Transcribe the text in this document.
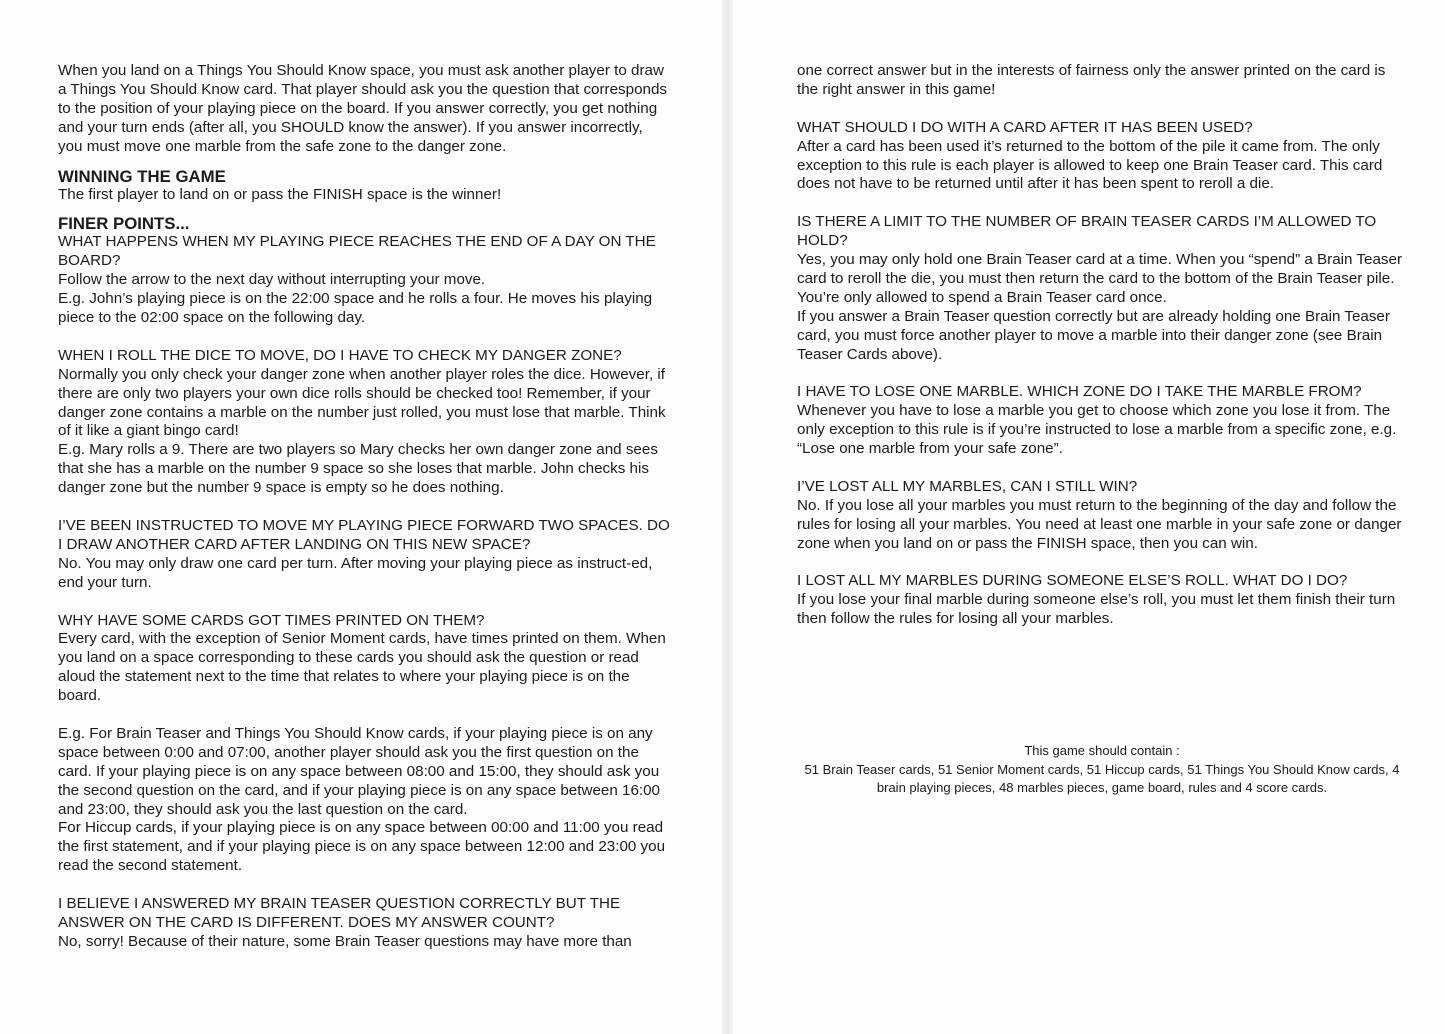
When you land on a Things You Should Know space, you must ask another player to draw a Things You Should Know card. That player should ask you the question that corresponds to the position of your playing piece on the board. If you answer correctly, you get nothing and your turn ends (after all, you SHOULD know the answer). If you answer incorrectly, you must move one marble from the safe zone to the danger zone.

WINNING THE GAME

The first player to land on or pass the FINISH space is the winner!

FINER POINTS...

WHAT HAPPENS WHEN MY PLAYING PIECE REACHES THE END OF A DAY ON THE BOARD?

Follow the arrow to the next day without interrupting your move.

E.g. John’s playing piece is on the 22:00 space and he rolls a four. He moves his playing piece to the 02:00 space on the following day.

WHEN I ROLL THE DICE TO MOVE, DO I HAVE TO CHECK MY DANGER ZONE?

Normally you only check your danger zone when another player roles the dice. However, if there are only two players your own dice rolls should be checked too! Remember, if your danger zone contains a marble on the number just rolled, you must lose that marble. Think of it like a giant bingo card!

E.g. Mary rolls a 9. There are two players so Mary checks her own danger zone and sees that she has a marble on the number 9 space so she loses that marble. John checks his danger zone but the number 9 space is empty so he does nothing.

I’VE BEEN INSTRUCTED TO MOVE MY PLAYING PIECE FORWARD TWO SPACES. DO I DRAW ANOTHER CARD AFTER LANDING ON THIS NEW SPACE?

No. You may only draw one card per turn. After moving your playing piece as instruct-ed, end your turn.

WHY HAVE SOME CARDS GOT TIMES PRINTED ON THEM?

Every card, with the exception of Senior Moment cards, have times printed on them. When you land on a space corresponding to these cards you should ask the question or read aloud the statement next to the time that relates to where your playing piece is on the board.

E.g. For Brain Teaser and Things You Should Know cards, if your playing piece is on any space between 0:00 and 07:00, another player should ask you the first question on the card. If your playing piece is on any space between 08:00 and 15:00, they should ask you the second question on the card, and if your playing piece is on any space between 16:00 and 23:00, they should ask you the last question on the card.

For Hiccup cards, if your playing piece is on any space between 00:00 and 11:00 you read the first statement, and if your playing piece is on any space between 12:00 and 23:00 you read the second statement.

I BELIEVE I ANSWERED MY BRAIN TEASER QUESTION CORRECTLY BUT THE ANSWER ON THE CARD IS DIFFERENT. DOES MY ANSWER COUNT?

No, sorry! Because of their nature, some Brain Teaser questions may have more than

one correct answer but in the interests of fairness only the answer printed on the card is the right answer in this game!

WHAT SHOULD I DO WITH A CARD AFTER IT HAS BEEN USED?

After a card has been used it’s returned to the bottom of the pile it came from. The only exception to this rule is each player is allowed to keep one Brain Teaser card. This card does not have to be returned until after it has been spent to reroll a die.

IS THERE A LIMIT TO THE NUMBER OF BRAIN TEASER CARDS I’M ALLOWED TO HOLD?

Yes, you may only hold one Brain Teaser card at a time. When you “spend” a Brain Teaser card to reroll the die, you must then return the card to the bottom of the Brain Teaser pile. You’re only allowed to spend a Brain Teaser card once.

If you answer a Brain Teaser question correctly but are already holding one Brain Teaser card, you must force another player to move a marble into their danger zone (see Brain Teaser Cards above).

I HAVE TO LOSE ONE MARBLE. WHICH ZONE DO I TAKE THE MARBLE FROM?

Whenever you have to lose a marble you get to choose which zone you lose it from. The only exception to this rule is if you’re instructed to lose a marble from a specific zone, e.g. “Lose one marble from your safe zone”.

I’VE LOST ALL MY MARBLES, CAN I STILL WIN?

No. If you lose all your marbles you must return to the beginning of the day and follow the rules for losing all your marbles. You need at least one marble in your safe zone or danger zone when you land on or pass the FINISH space, then you can win.

I LOST ALL MY MARBLES DURING SOMEONE ELSE’S ROLL. WHAT DO I DO?

If you lose your final marble during someone else’s roll, you must let them finish their turn then follow the rules for losing all your marbles.

This game should contain :

51 Brain Teaser cards, 51 Senior Moment cards, 51 Hiccup cards, 51 Things You Should Know cards, 4 brain playing pieces, 48 marbles pieces, game board, rules and 4 score cards.
